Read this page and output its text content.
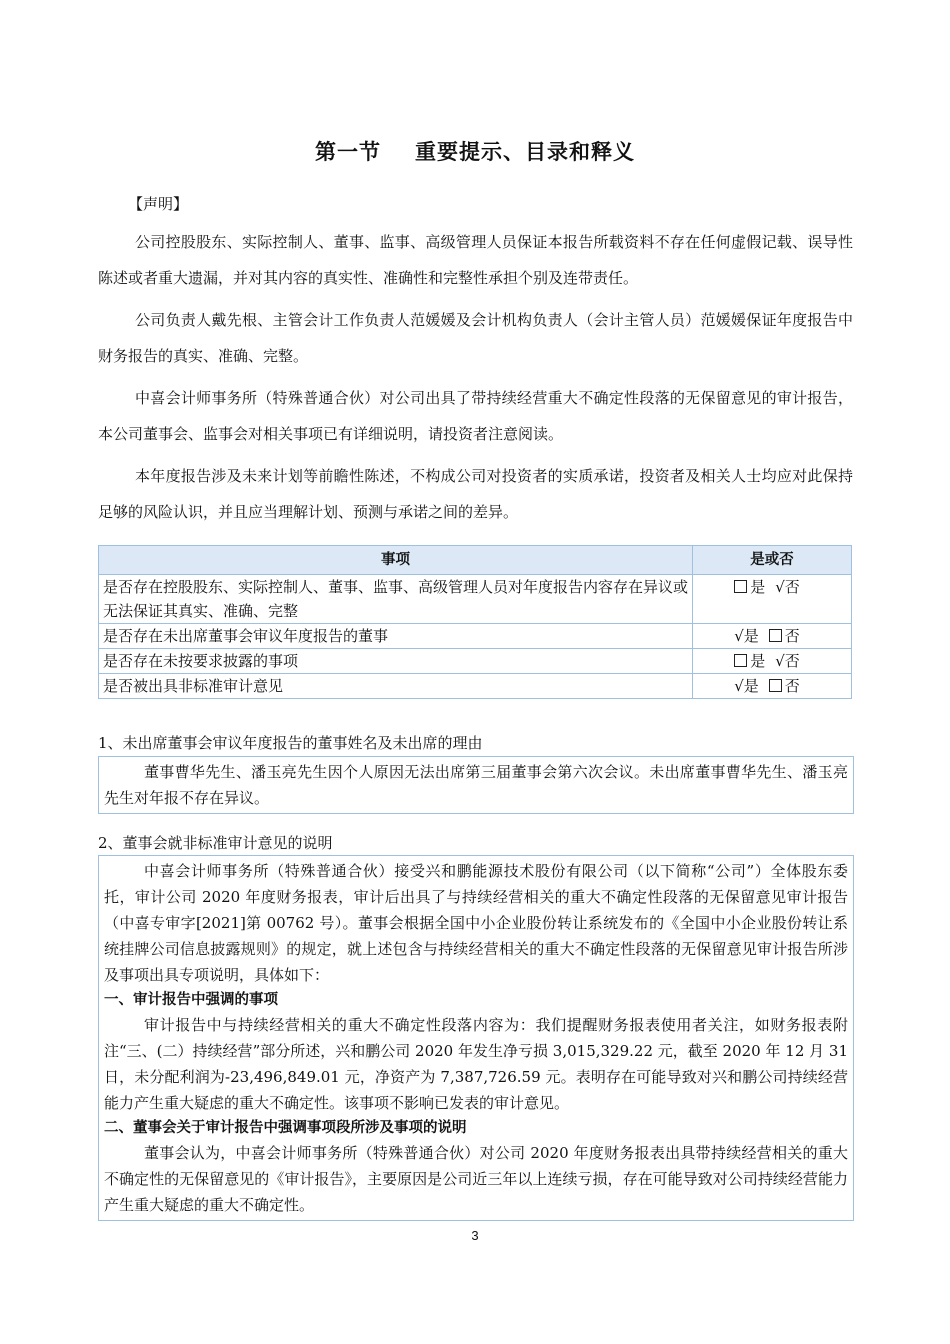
第一节 重要提示、目录和释义

【声明】

公司控股股东、实际控制人、董事、监事、高级管理人员保证本报告所载资料不存在任何虚假记载、误导性陈述或者重大遗漏，并对其内容的真实性、准确性和完整性承担个别及连带责任。

公司负责人戴先根、主管会计工作负责人范媛媛及会计机构负责人（会计主管人员）范媛媛保证年度报告中财务报告的真实、准确、完整。

中喜会计师事务所（特殊普通合伙）对公司出具了带持续经营重大不确定性段落的无保留意见的审计报告，本公司董事会、监事会对相关事项已有详细说明，请投资者注意阅读。

本年度报告涉及未来计划等前瞻性陈述，不构成公司对投资者的实质承诺，投资者及相关人士均应对此保持足够的风险认识，并且应当理解计划、预测与承诺之间的差异。

事项	是或否
是否存在控股股东、实际控制人、董事、监事、高级管理人员对年度报告内容存在异议或无法保证其真实、准确、完整	是 √否
是否存在未出席董事会审议年度报告的董事	√是 否
是否存在未按要求披露的事项	是 √否
是否被出具非标准审计意见	√是 否
1、未出席董事会审议年度报告的董事姓名及未出席的理由

董事曹华先生、潘玉亮先生因个人原因无法出席第三届董事会第六次会议。未出席董事曹华先生、潘玉亮先生对年报不存在异议。

2、董事会就非标准审计意见的说明

中喜会计师事务所（特殊普通合伙）接受兴和鹏能源技术股份有限公司（以下简称“公司”）全体股东委托，审计公司 2020 年度财务报表，审计后出具了与持续经营相关的重大不确定性段落的无保留意见审计报告（中喜专审字[2021]第 00762 号）。董事会根据全国中小企业股份转让系统发布的《全国中小企业股份转让系统挂牌公司信息披露规则》的规定，就上述包含与持续经营相关的重大不确定性段落的无保留意见审计报告所涉及事项出具专项说明，具体如下：

一、审计报告中强调的事项

审计报告中与持续经营相关的重大不确定性段落内容为：我们提醒财务报表使用者关注，如财务报表附注“三、(二）持续经营”部分所述，兴和鹏公司 2020 年发生净亏损 3,015,329.22 元，截至 2020 年 12 月 31 日，未分配利润为-23,496,849.01 元，净资产为 7,387,726.59 元。表明存在可能导致对兴和鹏公司持续经营能力产生重大疑虑的重大不确定性。该事项不影响已发表的审计意见。

二、董事会关于审计报告中强调事项段所涉及事项的说明

董事会认为，中喜会计师事务所（特殊普通合伙）对公司 2020 年度财务报表出具带持续经营相关的重大不确定性的无保留意见的《审计报告》，主要原因是公司近三年以上连续亏损，存在可能导致对公司持续经营能力产生重大疑虑的重大不确定性。

3
